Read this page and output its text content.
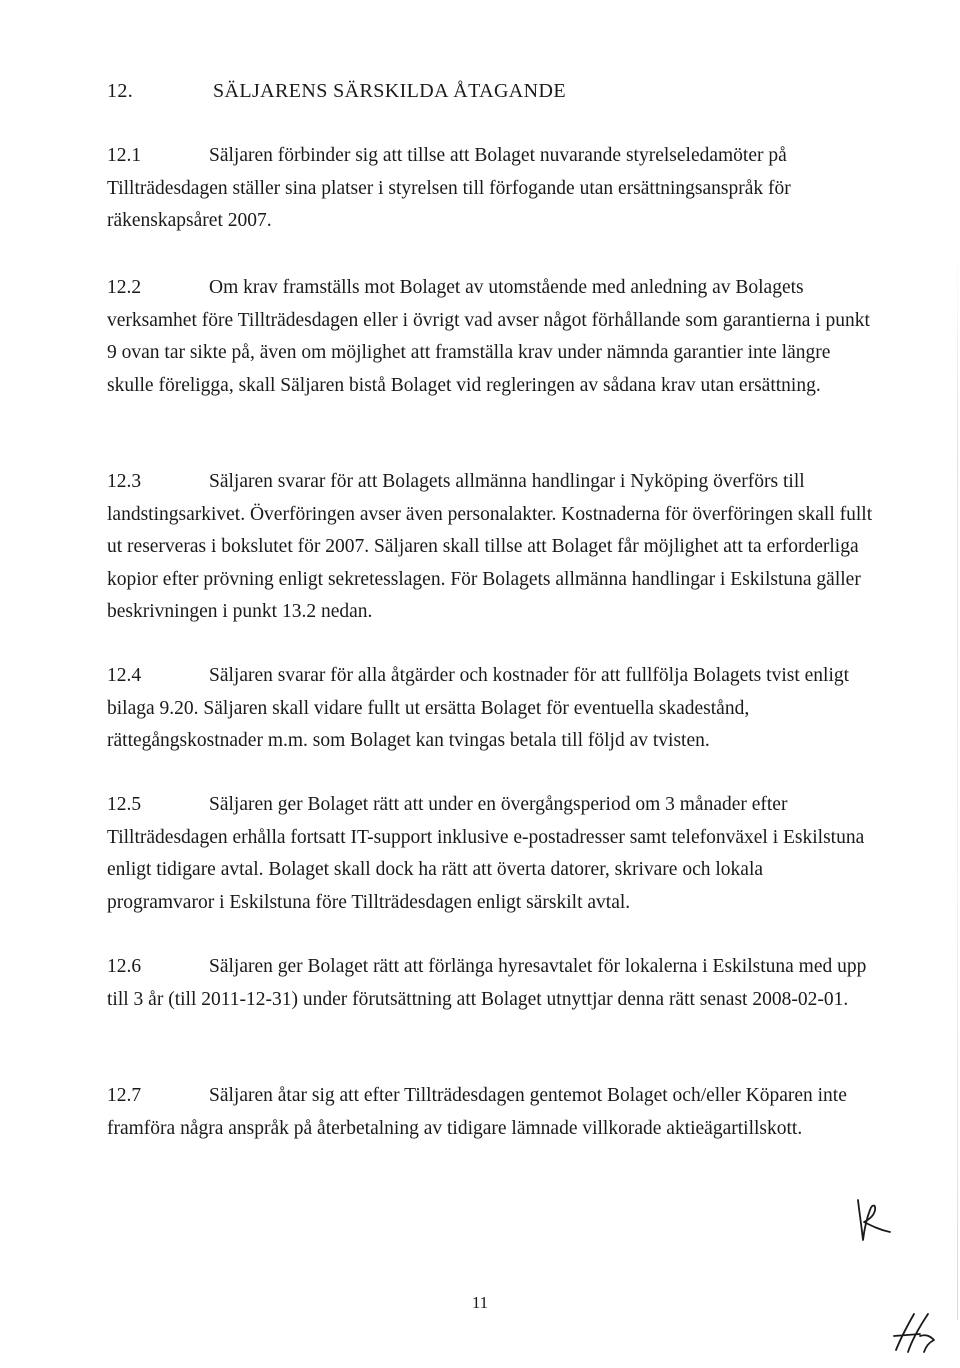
12.	SÄLJARENS SÄRSKILDA ÅTAGANDE

12.1	Säljaren förbinder sig att tillse att Bolaget nuvarande styrelseledamöter på Tillträdesdagen ställer sina platser i styrelsen till förfogande utan ersättningsanspråk för räkenskapsåret 2007.

12.2	Om krav framställs mot Bolaget av utomstående med anledning av Bolagets verksamhet före Tillträdesdagen eller i övrigt vad avser något förhållande som garantierna i punkt 9 ovan tar sikte på, även om möjlighet att framställa krav under nämnda garantier inte längre skulle föreligga, skall Säljaren bistå Bolaget vid regleringen av sådana krav utan ersättning.

12.3	Säljaren svarar för att Bolagets allmänna handlingar i Nyköping överförs till landstingsarkivet. Överföringen avser även personalakter. Kostnaderna för överföringen skall fullt ut reserveras i bokslutet för 2007. Säljaren skall tillse att Bolaget får möjlighet att ta erforderliga kopior efter prövning enligt sekretesslagen. För Bolagets allmänna handlingar i Eskilstuna gäller beskrivningen i punkt 13.2 nedan.

12.4	Säljaren svarar för alla åtgärder och kostnader för att fullfölja Bolagets tvist enligt bilaga 9.20. Säljaren skall vidare fullt ut ersätta Bolaget för eventuella skadestånd, rättegångskostnader m.m. som Bolaget kan tvingas betala till följd av tvisten.

12.5	Säljaren ger Bolaget rätt att under en övergångsperiod om 3 månader efter Tillträdesdagen erhålla fortsatt IT-support inklusive e-postadresser samt telefonväxel i Eskilstuna enligt tidigare avtal. Bolaget skall dock ha rätt att överta datorer, skrivare och lokala programvaror i Eskilstuna före Tillträdesdagen enligt särskilt avtal.

12.6	Säljaren ger Bolaget rätt att förlänga hyresavtalet för lokalerna i Eskilstuna med upp till 3 år (till 2011-12-31) under förutsättning att Bolaget utnyttjar denna rätt senast 2008-02-01.

12.7	Säljaren åtar sig att efter Tillträdesdagen gentemot Bolaget och/eller Köparen inte framföra några anspråk på återbetalning av tidigare lämnade villkorade aktieägartillskott.

11
